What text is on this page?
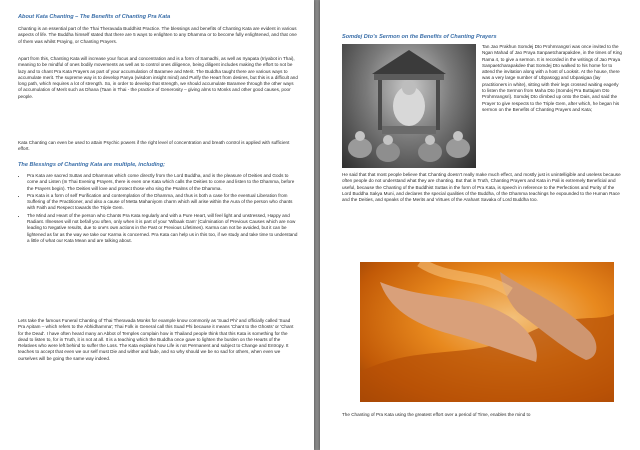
About Kata Chanting – The Benefits of Chanting Pra Kata

Chanting is an essential part of the Thai Theravada Buddhist Practice. The blessings and benefits of Chanting Kata are evident in various aspects of life. The Buddha himself stated that there are 5 ways to enlighten to any Dhamma or to become fully enlightened, and that one of them was whilst Praying, or Chanting Prayers.

Apart from this, Chanting Kata will increase your focus and concentration and is a form of Samadhi, as well as Iryapata (Iriyabot in Thai), meaning to be mindful of ones bodily movements as well as to control ones diligence, being diligent includes making the effort to not be lazy and to chant Pra Kata Prayers as part of your accumulation of Baramee and Merit. The Buddha taught there are various ways to accumulate merit. The supreme way is to develop Panya (wisdom insight mind) and Purify the Heart from desires, but this is a difficult and long path, which requires a lot of strength. So, in order to develop that strength, we should accumulate Baramee through the other ways of accumulation of Merit such as Dhana (Taan in Thai - the practice of Generosity – giving alms to Monks and other good causes, poor people.

Kata Chanting can even be used to attain Psychic powers if the right level of concentration and breath control is applied with sufficient effort.

The Blessings of Chanting Kata are multiple, including;

• Pra Kata are sacred Suttas and Dhammas which come directly from the Lord Buddha, and is the pleasure of Deities and Gods to come and Listen (In Thai Evening Prayers, there is even one Kata which calls the Deities to come and listen to the Dhamma, before the Prayers begin). The Deities will love and protect those who sing the Psalms of the Dhamma.
• Pra Kata is a form of self Purification and contemplation of the Dhamma, and thus is both a case for the eventual Liberation from Suffering of the Practitioner, and also a cause of Metta Mahaniyom charm which will arise within the Aura of the person who chants with Faith and Respect towards the Triple Gem.
• The Mind and Heart of the person who Chants Pra Kata regularly and with a Pure Heart, will feel light and unstressed, Happy and Radiant. Illnesses will not befall you often, only when it is part of your 'Wibaak Gam' (Culmination of Previous Causes which are now leading to Negative results, due to one's own actions in the Past or Previous Lifetimes). Karma can not be avoided, but it can be lightened as far as the way we take our Karma is concerned. Pra Kata can help us in this too, if we study and take time to understand a little of what our Kata Mean and are talking about.

Lets take the famous Funeral Chanting of Thai Theravada Monks for example know commonly as 'Suad Phi' and officially called 'Suad Pra Apitam – which refers to the Abhidhamma'; Thai Folk in General call this Suad Phi because it means 'Chant to the Ghosts' or 'Chant for the Dead'. I have often heard many an Abbot of Temples complain how in Thailand people think that this Kata is something for the dead to listen to, for in Truth, it is not at all. It is a teaching which the Buddha once gave to lighten the burden on the Hearts of the Relatives who were left behind to suffer the Loss. The Kata explains how Life is not Permanent and subject to Change and Entropy. It teaches to accept that even we our self must Die and wither and fade, and so why should we be so sad for others, when even we ourselves will be going the same way indeed.

Somdej Dto's Sermon on the Benefits of Chanting Prayers

Tan Jao Prakhun Somdej Dto Prohmrangsri was once invited to the Ngan Mahad of Jao Praya Sanpaetcharapakdee, in the times of King Rama 4, to give a sermon. It is recorded in the writings of Jao Praya Sanpaetcharapakdee that Somdej Dto walked to his home for to attend the invitation along with a host of Looksit. At the house, there was a very large number of Ubpasogg and Ubpasigaa (lay practitioners in white), sitting with their legs crossed waiting eagerly to listen the Sermon from Maha Dto (Somdej Pra Buttajarn Dto Prohmrangsri). Somdej Dto climbed up onto the Dais, and said the Prayer to give respects to the Triple Gem, after which, he began his sermon on the Benefits of Chanting Prayers and Kata;

He said that that most people believe that Chanting doesn't really make much effect, and mostly just is unintelligible and useless because often people do not understand what they are chanting. But that in Truth, Chanting Prayers and Kata in Pali is extremely Beneficial and useful, because the Chanting of the Buddhist Suttas in the form of Pra Kata, is speech in reference to the Perfections and Purity of the Lord Buddha Sakya Muni, and declares the special qualities of the Buddha, of the Dhamma teachings he expounded to the Human Race and the Deities, and speaks of the Merits and Virtues of the Arahant Savaka of Lord Buddha too.

The Chanting of Pra Kata using the greatest effort over a period of Time, enables the mind to
